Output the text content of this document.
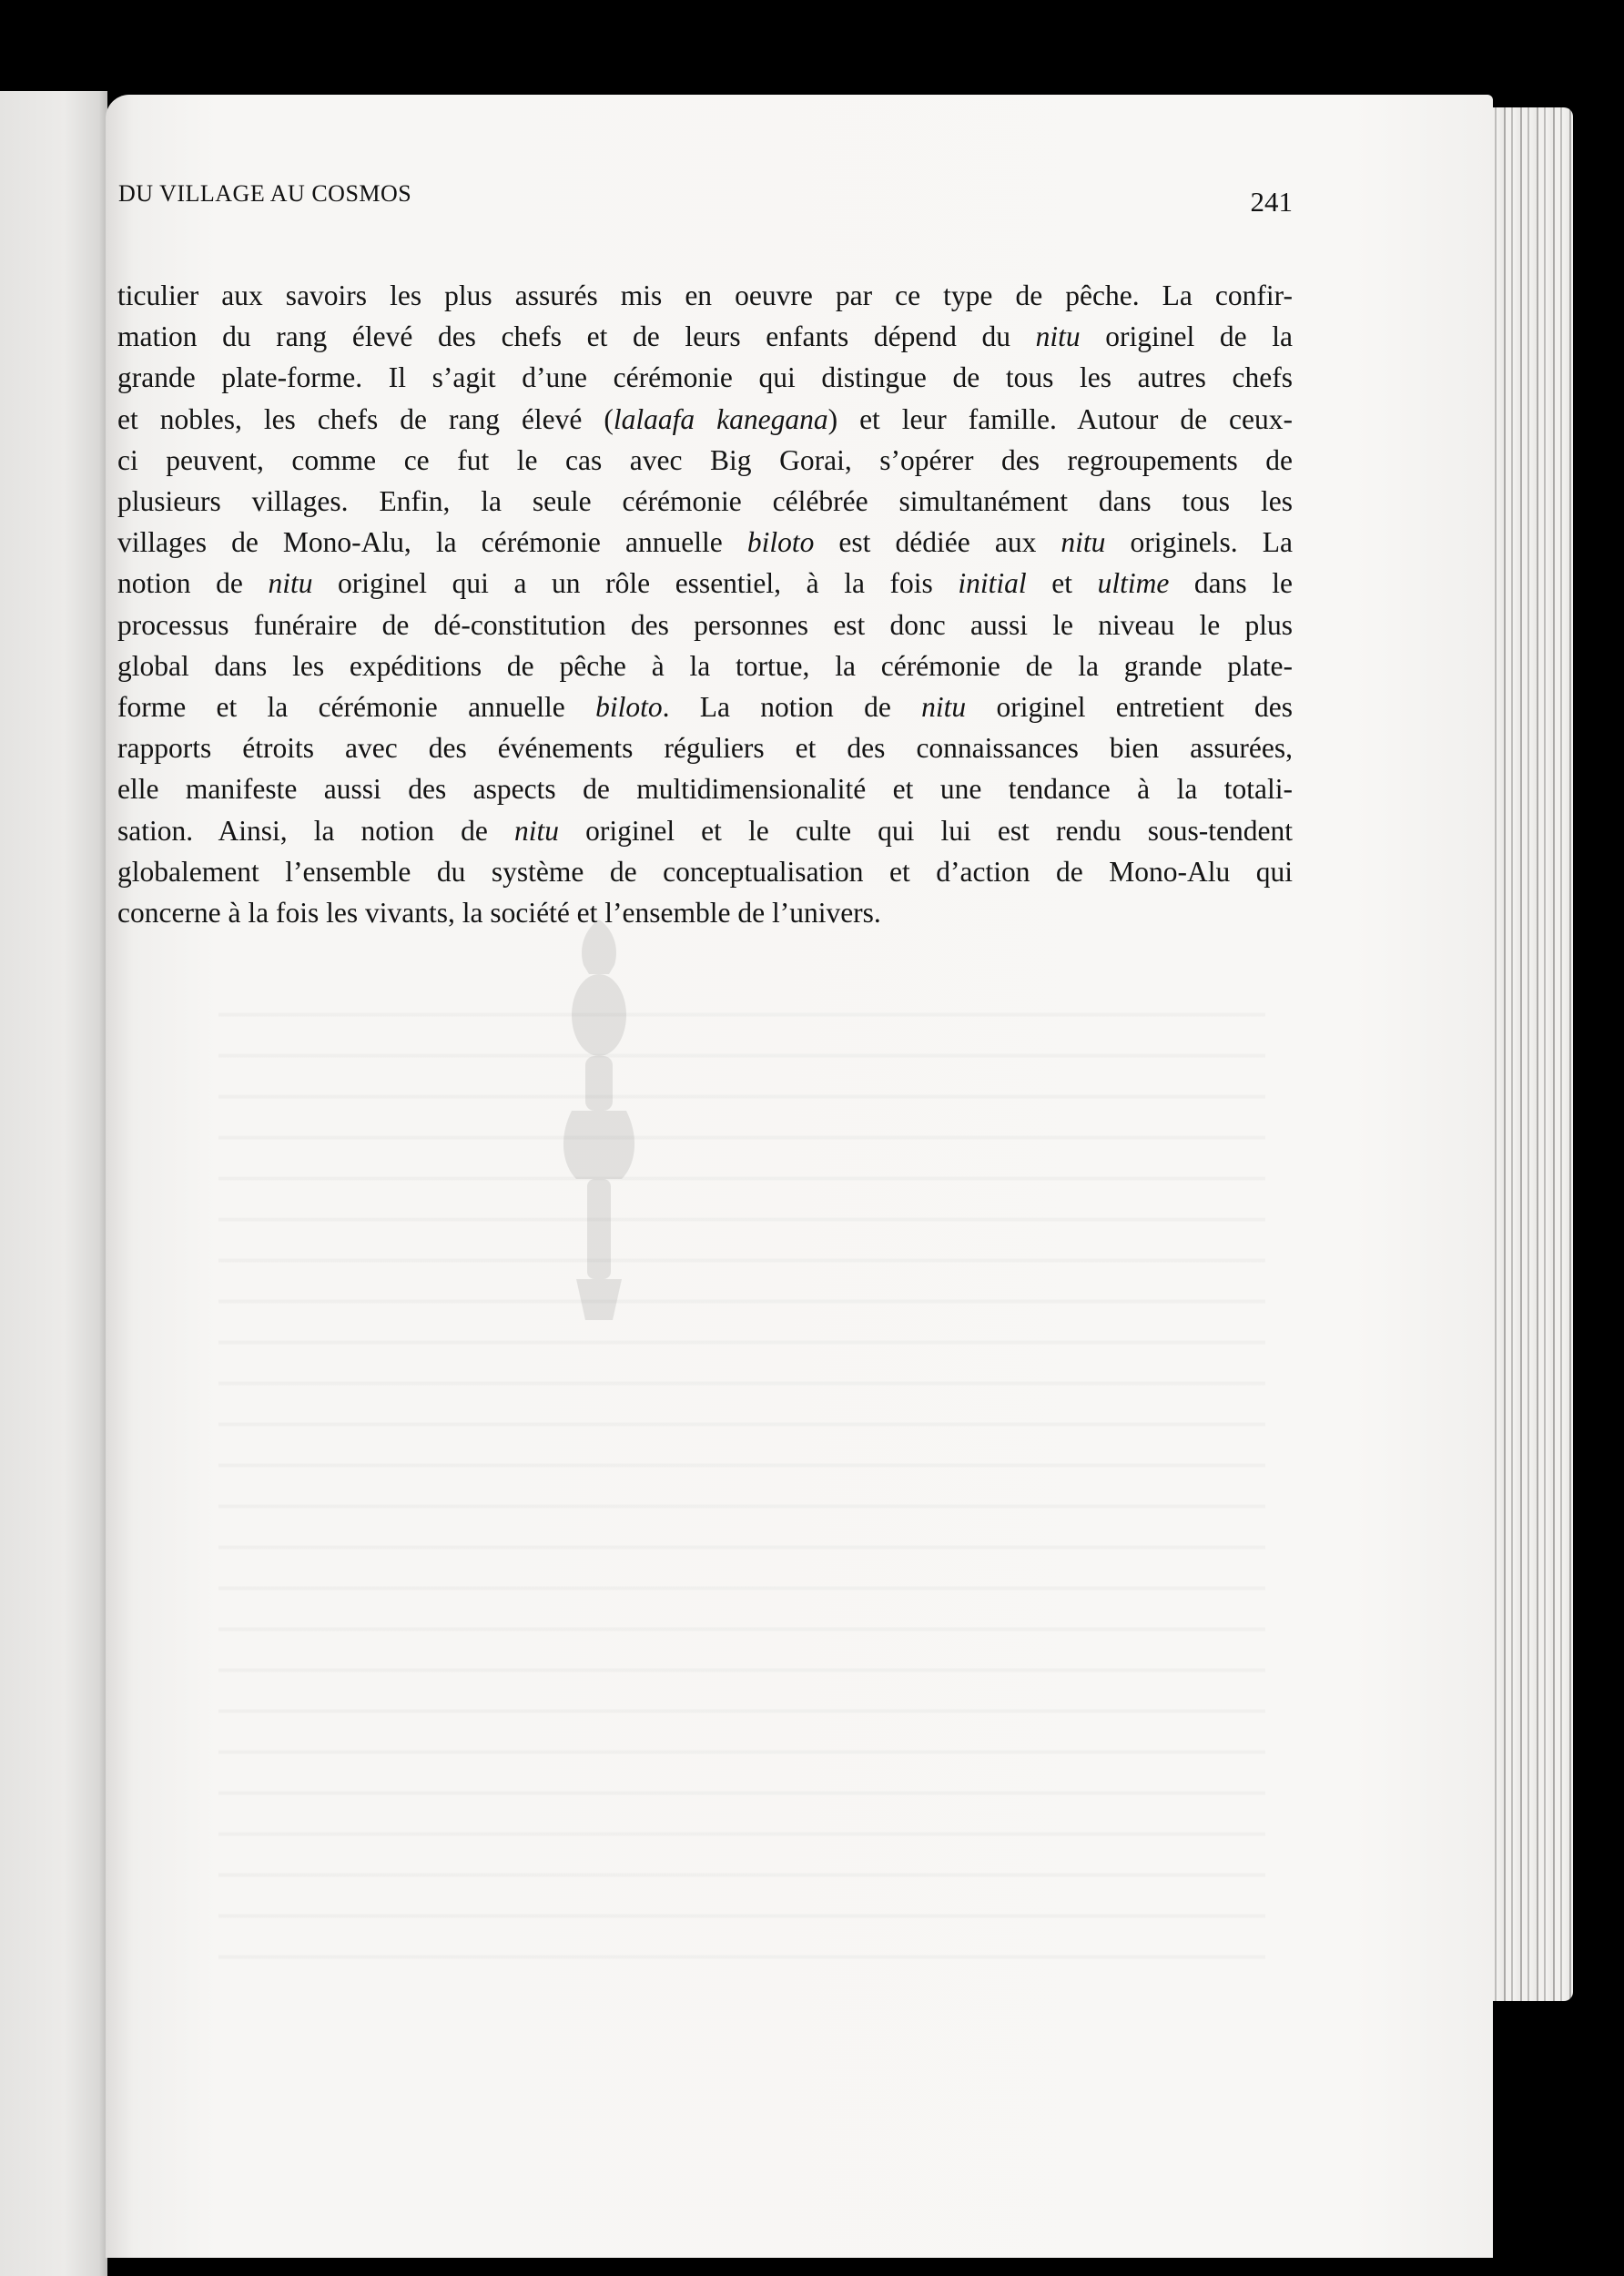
DU VILLAGE AU COSMOS	241
ticulier aux savoirs les plus assurés mis en oeuvre par ce type de pêche. La confir-
mation du rang élevé des chefs et de leurs enfants dépend du nitu originel de la
grande plate-forme. Il s’agit d’une cérémonie qui distingue de tous les autres chefs
et nobles, les chefs de rang élevé (lalaafa kanegana) et leur famille. Autour de ceux-
ci peuvent, comme ce fut le cas avec Big Gorai, s’opérer des regroupements de
plusieurs villages. Enfin, la seule cérémonie célébrée simultanément dans tous les
villages de Mono-Alu, la cérémonie annuelle biloto est dédiée aux nitu originels. La
notion de nitu originel qui a un rôle essentiel, à la fois initial et ultime dans le
processus funéraire de dé-constitution des personnes est donc aussi le niveau le plus
global dans les expéditions de pêche à la tortue, la cérémonie de la grande plate-
forme et la cérémonie annuelle biloto. La notion de nitu originel entretient des
rapports étroits avec des événements réguliers et des connaissances bien assurées,
elle manifeste aussi des aspects de multidimensionalité et une tendance à la totali-
sation. Ainsi, la notion de nitu originel et le culte qui lui est rendu sous-tendent
globalement l’ensemble du système de conceptualisation et d’action de Mono-Alu qui
concerne à la fois les vivants, la société et l’ensemble de l’univers.
